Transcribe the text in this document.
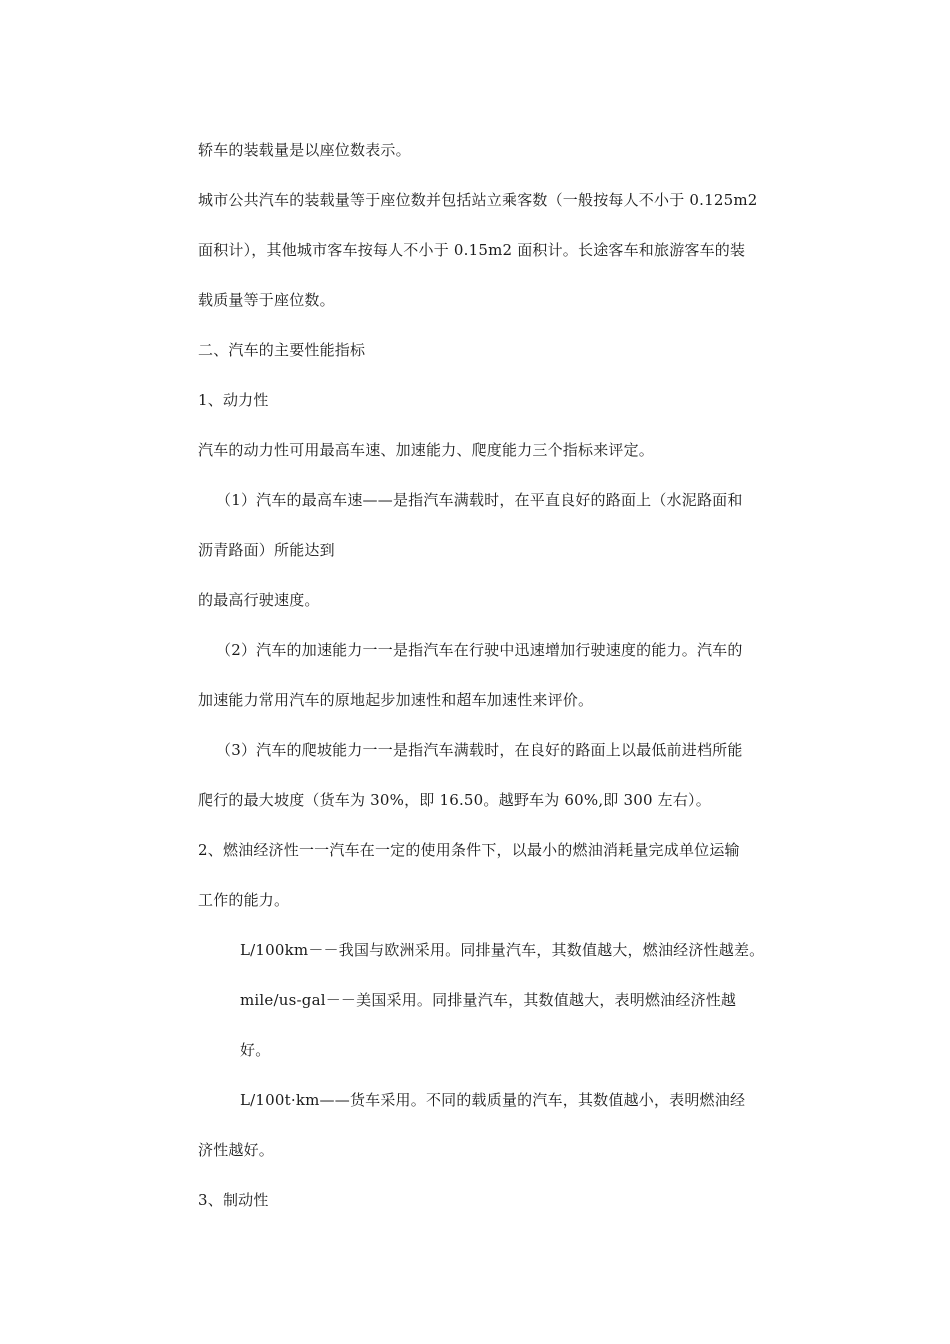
轿车的装载量是以座位数表示。

城市公共汽车的装载量等于座位数并包括站立乘客数（一般按每人不小于 0.125m2

面积计），其他城市客车按每人不小于 0.15m2 面积计。长途客车和旅游客车的装

载质量等于座位数。

二、汽车的主要性能指标

1、动力性

汽车的动力性可用最高车速、加速能力、爬度能力三个指标来评定。

（1）汽车的最高车速——是指汽车满载时，在平直良好的路面上（水泥路面和

沥青路面）所能达到

的最高行驶速度。

（2）汽车的加速能力一一是指汽车在行驶中迅速增加行驶速度的能力。汽车的

加速能力常用汽车的原地起步加速性和超车加速性来评价。

（3）汽车的爬坡能力一一是指汽车满载时，在良好的路面上以最低前进档所能

爬行的最大坡度（货车为 30%，即 16.50。越野车为 60%,即 300 左右）。

2、燃油经济性一一汽车在一定的使用条件下，以最小的燃油消耗量完成单位运输

工作的能力。

L/100km－－我国与欧洲采用。同排量汽车，其数值越大，燃油经济性越差。

mile/us-gal－－美国采用。同排量汽车，其数值越大，表明燃油经济性越

好。

L/100t·km——货车采用。不同的载质量的汽车，其数值越小，表明燃油经

济性越好。

3、制动性
